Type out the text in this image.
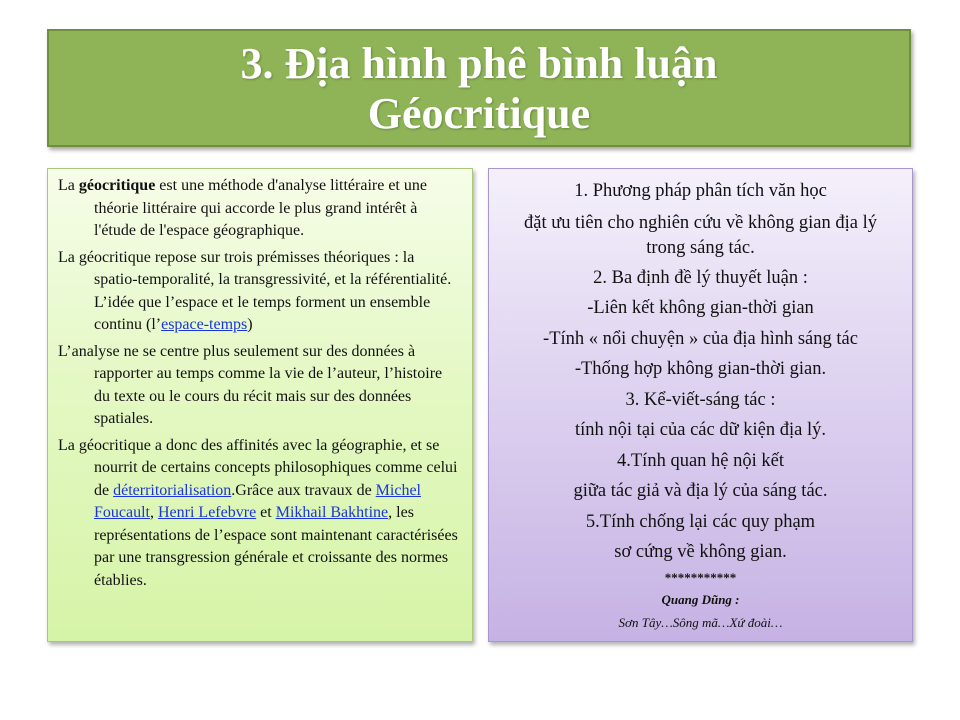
3. Địa hình phê bình luận
Géocritique

La géocritique est une méthode d'analyse littéraire et une théorie littéraire qui accorde le plus grand intérêt à l'étude de l'espace géographique.

La géocritique repose sur trois prémisses théoriques : la spatio-temporalité, la transgressivité, et la référentialité. L’idée que l’espace et le temps forment un ensemble continu (l’espace-temps)

L’analyse ne se centre plus seulement sur des données à rapporter au temps comme la vie de l’auteur, l’histoire du texte ou le cours du récit mais sur des données spatiales.

La géocritique a donc des affinités avec la géographie, et se nourrit de certains concepts philosophiques comme celui de déterritorialisation.Grâce aux travaux de Michel Foucault, Henri Lefebvre et Mikhail Bakhtine, les représentations de l’espace sont maintenant caractérisées par une transgression générale et croissante des normes établies.

1. Phương pháp phân tích văn học
đặt ưu tiên cho nghiên cứu về không gian địa lý trong sáng tác.
2. Ba định đề lý thuyết luận :
-Liên kết không gian-thời gian
-Tính « nổi chuyện » của địa hình sáng tác
-Thống hợp không gian-thời gian.
3. Kể-viết-sáng tác :
tính nội tại của các dữ kiện địa lý.
4.Tính quan hệ nội kết
giữa tác giả và địa lý của sáng tác.
5.Tính chống lại các quy phạm
sơ cứng về không gian.
***********
Quang Dũng :
Sơn Tây…Sông mã…Xứ đoài…
